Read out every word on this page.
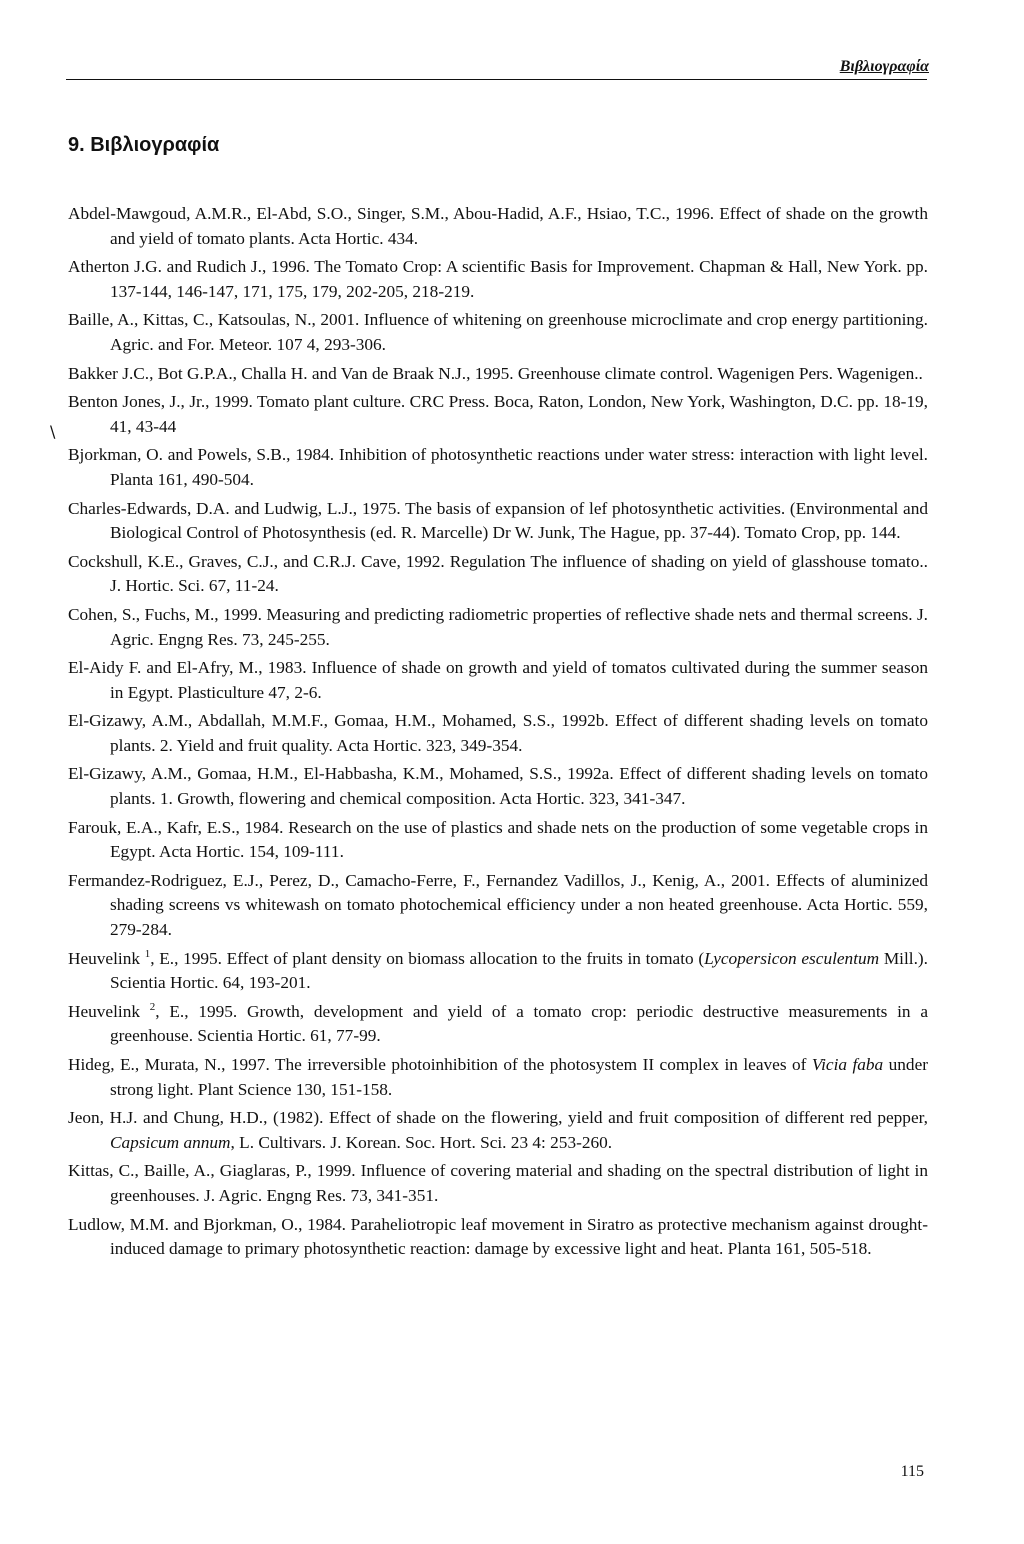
Βιβλιογραφία
9. Βιβλιογραφία
\
Abdel-Mawgoud, A.M.R., El-Abd, S.O., Singer, S.M., Abou-Hadid, A.F., Hsiao, T.C., 1996. Effect of shade on the growth and yield of tomato plants. Acta Hortic. 434.
Atherton J.G. and Rudich J., 1996. The Tomato Crop: A scientific Basis for Improvement. Chapman & Hall, New York. pp. 137-144, 146-147, 171, 175, 179, 202-205, 218-219.
Baille, A., Kittas, C., Katsoulas, N., 2001. Influence of whitening on greenhouse microclimate and crop energy partitioning. Agric. and For. Meteor. 107 4, 293-306.
Bakker J.C., Bot G.P.A., Challa H. and Van de Braak N.J., 1995. Greenhouse climate control. Wagenigen Pers. Wagenigen..
Benton Jones, J., Jr., 1999. Tomato plant culture. CRC Press. Boca, Raton, London, New York, Washington, D.C. pp. 18-19, 41, 43-44
Bjorkman, O. and Powels, S.B., 1984. Inhibition of photosynthetic reactions under water stress: interaction with light level. Planta 161, 490-504.
Charles-Edwards, D.A. and Ludwig, L.J., 1975. The basis of expansion of lef photosynthetic activities. (Environmental and Biological Control of Photosynthesis (ed. R. Marcelle) Dr W. Junk, The Hague, pp. 37-44). Tomato Crop, pp. 144.
Cockshull, K.E., Graves, C.J., and C.R.J. Cave, 1992. Regulation The influence of shading on yield of glasshouse tomato.. J. Hortic. Sci. 67, 11-24.
Cohen, S., Fuchs, M., 1999. Measuring and predicting radiometric properties of reflective shade nets and thermal screens. J. Agric. Engng Res. 73, 245-255.
El-Aidy F. and El-Afry, M., 1983. Influence of shade on growth and yield of tomatos cultivated during the summer season in Egypt. Plasticulture 47, 2-6.
El-Gizawy, A.M., Abdallah, M.M.F., Gomaa, H.M., Mohamed, S.S., 1992b. Effect of different shading levels on tomato plants. 2. Yield and fruit quality. Acta Hortic. 323, 349-354.
El-Gizawy, A.M., Gomaa, H.M., El-Habbasha, K.M., Mohamed, S.S., 1992a. Effect of different shading levels on tomato plants. 1. Growth, flowering and chemical composition. Acta Hortic. 323, 341-347.
Farouk, E.A., Kafr, E.S., 1984. Research on the use of plastics and shade nets on the production of some vegetable crops in Egypt. Acta Hortic. 154, 109-111.
Fermandez-Rodriguez, E.J., Perez, D., Camacho-Ferre, F., Fernandez Vadillos, J., Kenig, A., 2001. Effects of aluminized shading screens vs whitewash on tomato photochemical efficiency under a non heated greenhouse. Acta Hortic. 559, 279-284.
Heuvelink $^1$, E., 1995. Effect of plant density on biomass allocation to the fruits in tomato (Lycopersicon esculentum Mill.). Scientia Hortic. 64, 193-201.
Heuvelink $^2$, E., 1995. Growth, development and yield of a tomato crop: periodic destructive measurements in a greenhouse. Scientia Hortic. 61, 77-99.
Hideg, E., Murata, N., 1997. The irreversible photoinhibition of the photosystem II complex in leaves of Vicia faba under strong light. Plant Science 130, 151-158.
Jeon, H.J. and Chung, H.D., (1982). Effect of shade on the flowering, yield and fruit composition of different red pepper, Capsicum annum, L. Cultivars. J. Korean. Soc. Hort. Sci. 23 4: 253-260.
Kittas, C., Baille, A., Giaglaras, P., 1999. Influence of covering material and shading on the spectral distribution of light in greenhouses. J. Agric. Engng Res. 73, 341-351.
Ludlow, M.M. and Bjorkman, O., 1984. Paraheliotropic leaf movement in Siratro as protective mechanism against drought-induced damage to primary photosynthetic reaction: damage by excessive light and heat. Planta 161, 505-518.
115
